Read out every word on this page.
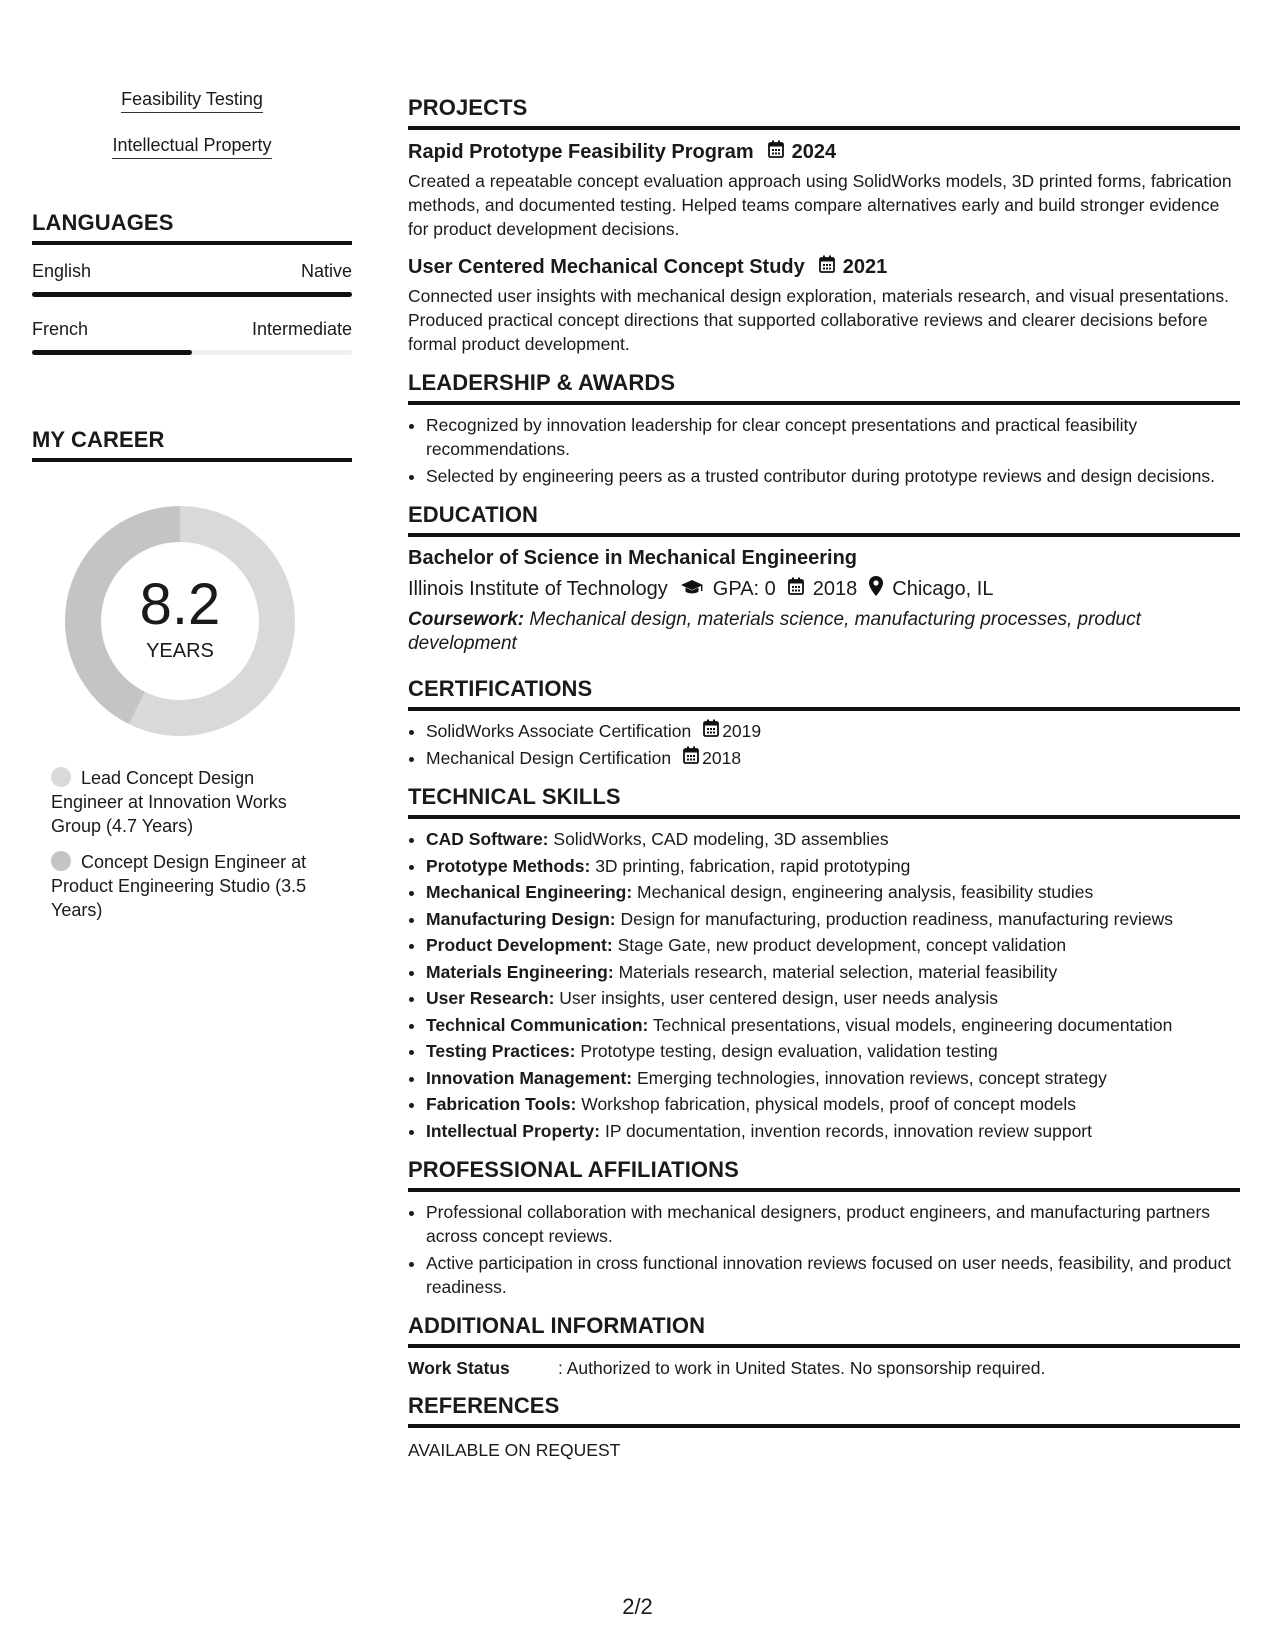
Feasibility Testing
Intellectual Property
LANGUAGES
English	Native
French	Intermediate
MY CAREER
8.2
YEARS
Lead Concept Design Engineer at Innovation Works Group (4.7 Years)
Concept Design Engineer at Product Engineering Studio (3.5 Years)
PROJECTS
Rapid Prototype Feasibility Program 2024
Created a repeatable concept evaluation approach using SolidWorks models, 3D printed forms, fabrication methods, and documented testing. Helped teams compare alternatives early and build stronger evidence for product development decisions.
User Centered Mechanical Concept Study 2021
Connected user insights with mechanical design exploration, materials research, and visual presentations. Produced practical concept directions that supported collaborative reviews and clearer decisions before formal product development.
LEADERSHIP & AWARDS
• Recognized by innovation leadership for clear concept presentations and practical feasibility recommendations.
• Selected by engineering peers as a trusted contributor during prototype reviews and design decisions.
EDUCATION
Bachelor of Science in Mechanical Engineering
Illinois Institute of Technology GPA: 0 2018 Chicago, IL
Coursework: Mechanical design, materials science, manufacturing processes, product development
CERTIFICATIONS
• SolidWorks Associate Certification 2019
• Mechanical Design Certification 2018
TECHNICAL SKILLS
• CAD Software: SolidWorks, CAD modeling, 3D assemblies
• Prototype Methods: 3D printing, fabrication, rapid prototyping
• Mechanical Engineering: Mechanical design, engineering analysis, feasibility studies
• Manufacturing Design: Design for manufacturing, production readiness, manufacturing reviews
• Product Development: Stage Gate, new product development, concept validation
• Materials Engineering: Materials research, material selection, material feasibility
• User Research: User insights, user centered design, user needs analysis
• Technical Communication: Technical presentations, visual models, engineering documentation
• Testing Practices: Prototype testing, design evaluation, validation testing
• Innovation Management: Emerging technologies, innovation reviews, concept strategy
• Fabrication Tools: Workshop fabrication, physical models, proof of concept models
• Intellectual Property: IP documentation, invention records, innovation review support
PROFESSIONAL AFFILIATIONS
• Professional collaboration with mechanical designers, product engineers, and manufacturing partners across concept reviews.
• Active participation in cross functional innovation reviews focused on user needs, feasibility, and product readiness.
ADDITIONAL INFORMATION
Work Status	: Authorized to work in United States. No sponsorship required.
REFERENCES
AVAILABLE ON REQUEST
2/2
